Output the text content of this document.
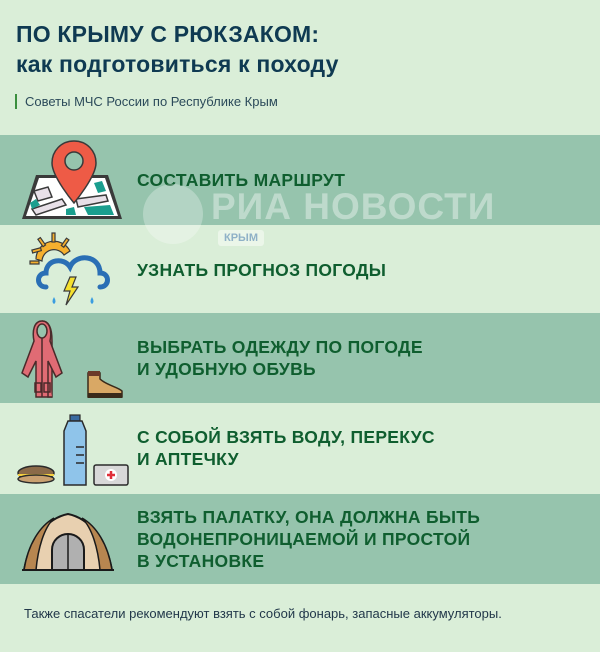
ПО КРЫМУ С РЮКЗАКОМ:
как подготовиться к походу
Советы МЧС России по Республике Крым
СОСТАВИТЬ МАРШРУТ
УЗНАТЬ ПРОГНОЗ ПОГОДЫ
ВЫБРАТЬ ОДЕЖДУ ПО ПОГОДЕ
И УДОБНУЮ ОБУВЬ
С СОБОЙ ВЗЯТЬ ВОДУ, ПЕРЕКУС
И АПТЕЧКУ
ВЗЯТЬ ПАЛАТКУ, ОНА ДОЛЖНА БЫТЬ
ВОДОНЕПРОНИЦАЕМОЙ И ПРОСТОЙ
В УСТАНОВКЕ
РИА НОВОСТИ
КРЫМ
Также спасатели рекомендуют взять с собой фонарь, запасные аккумуляторы.
